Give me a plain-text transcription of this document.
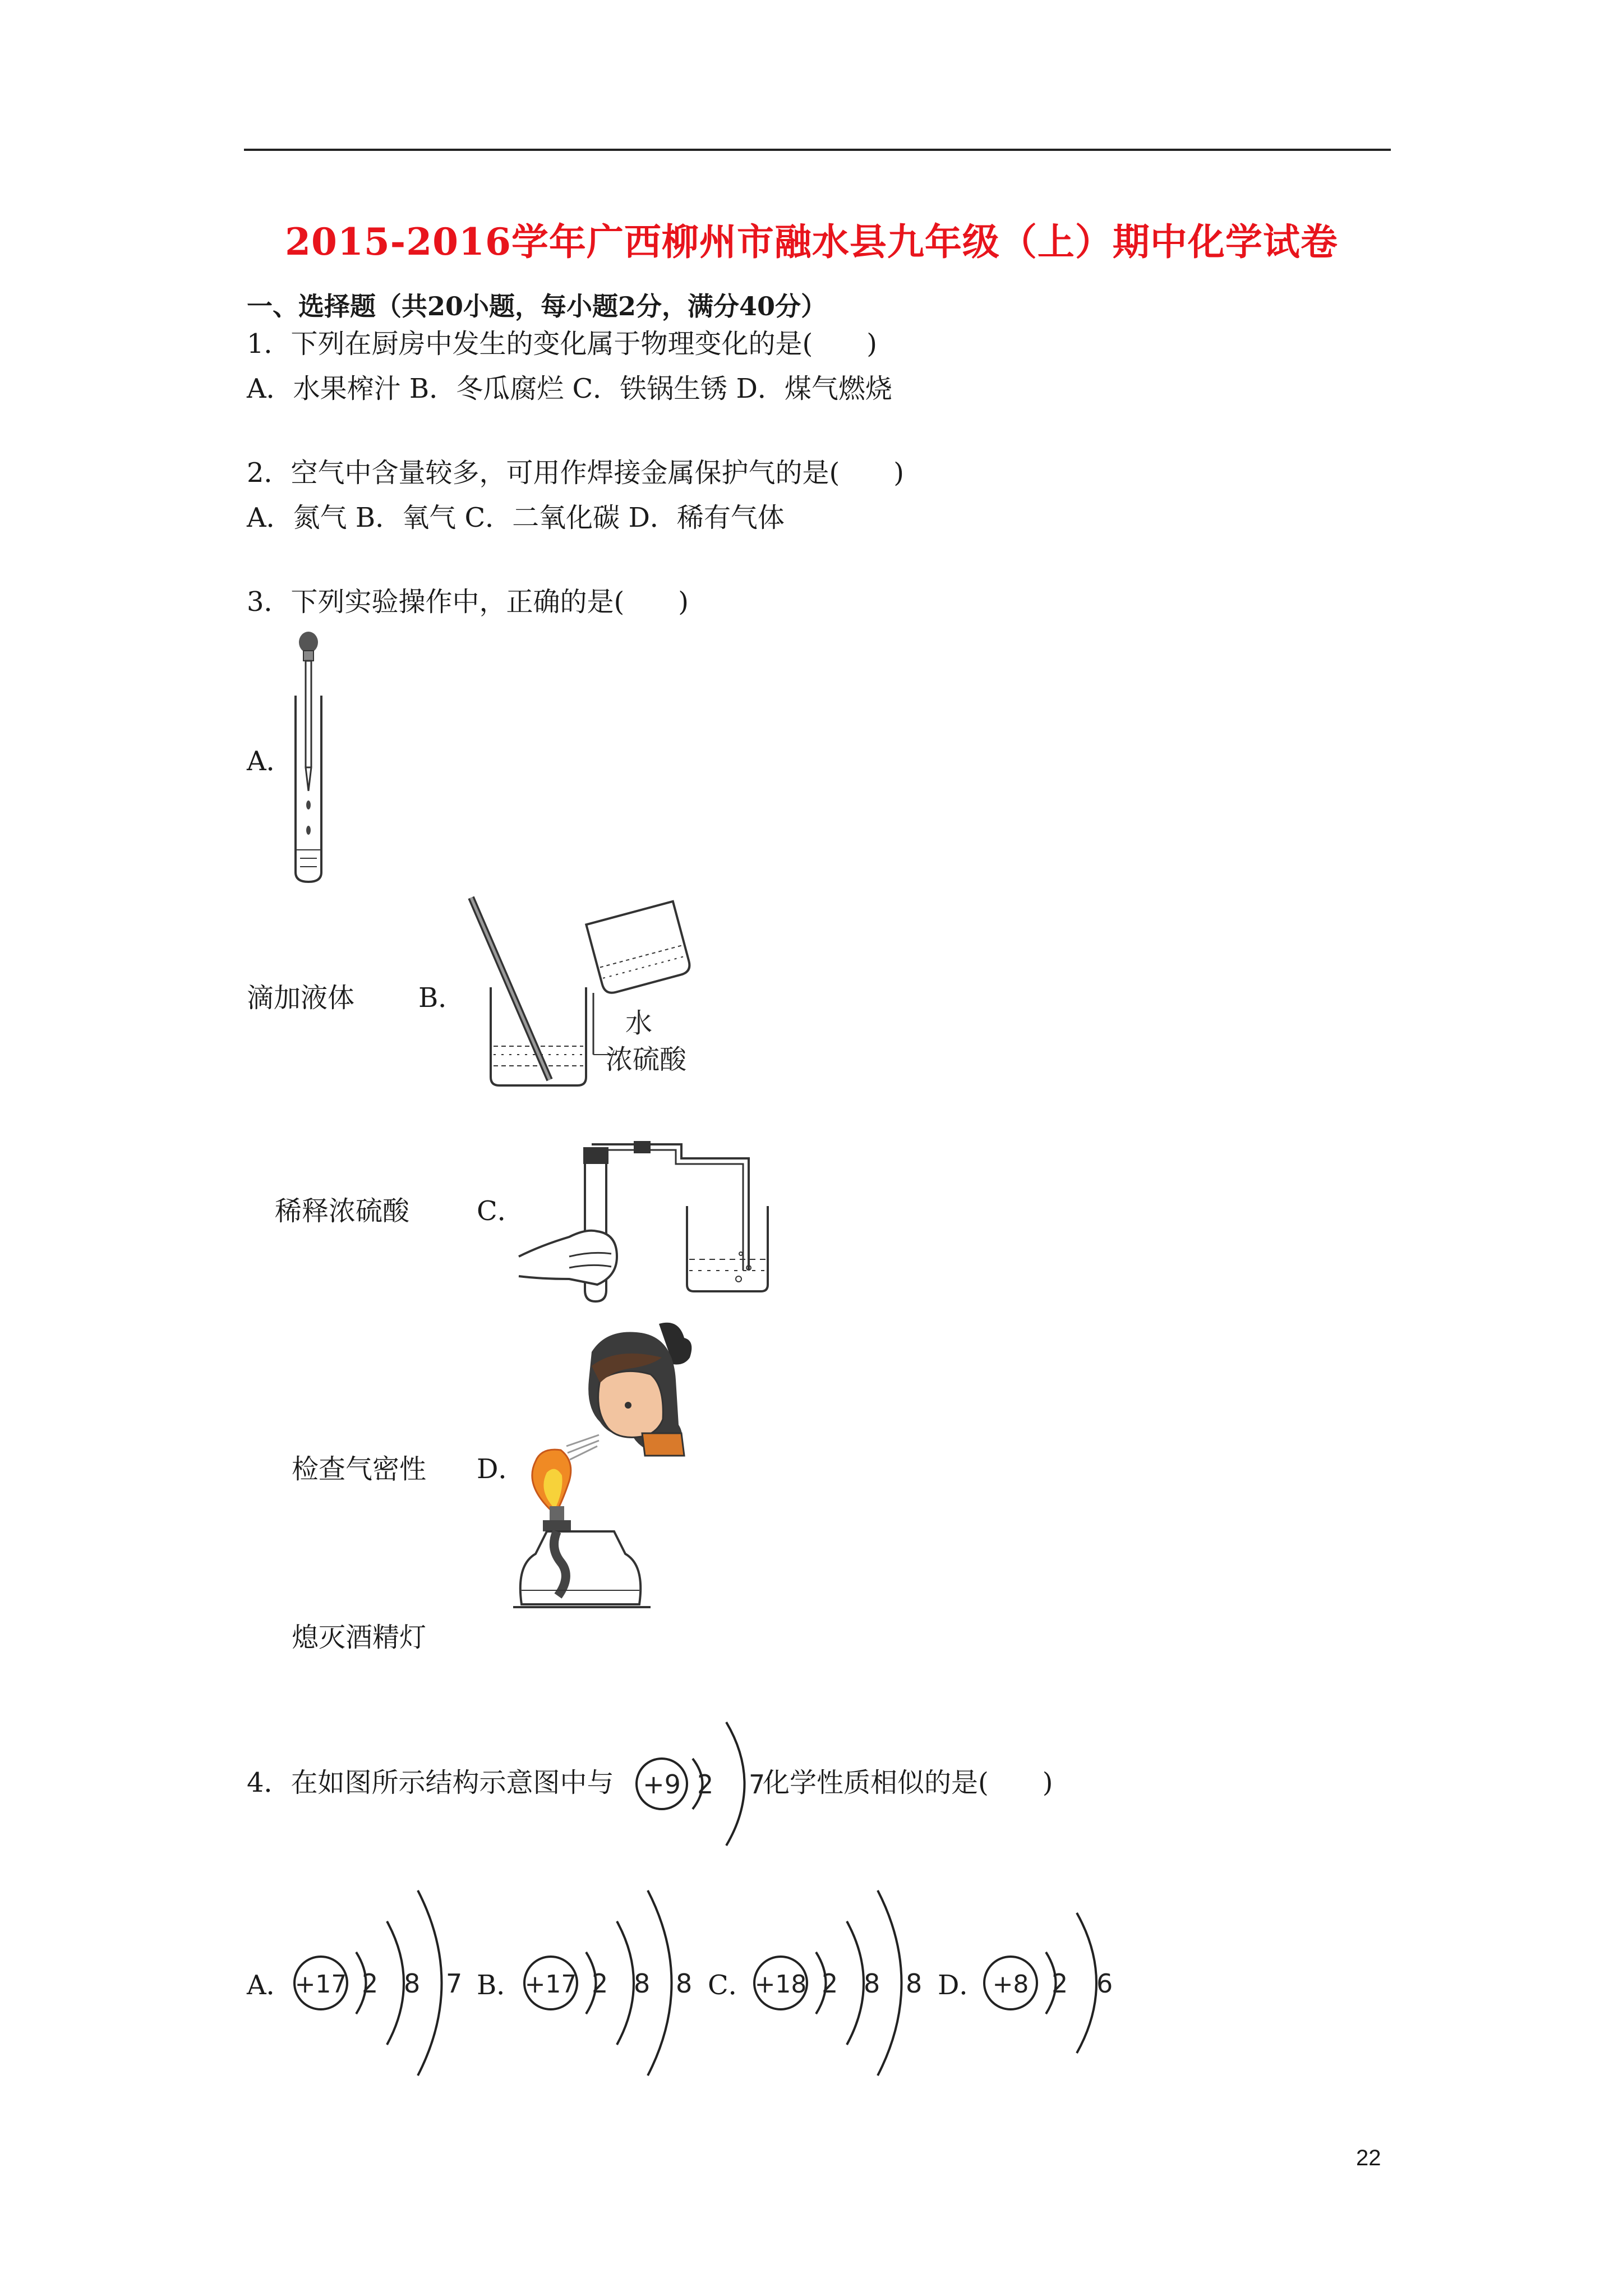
2015-2016学年广西柳州市融水县九年级（上）期中化学试卷
一、选择题（共20小题，每小题2分，满分40分）
1．下列在厨房中发生的变化属于物理变化的是(　　)
A．水果榨汁 B．冬瓜腐烂 C．铁锅生锈 D．煤气燃烧
2．空气中含量较多，可用作焊接金属保护气的是(　　)
A．氮气 B．氧气 C．二氧化碳 D．稀有气体
3．下列实验操作中，正确的是(　　)
A．
滴加液体 B．
水
浓硫酸
稀释浓硫酸 C．
检查气密性 D．
熄灭酒精灯
4．在如图所示结构示意图中与 +9 2 7
化学性质相似的是(　　)
A． +17 2 8 7 B． +17 2 8 8 C．
+18 2 8 8 D． +8 2 6
22
